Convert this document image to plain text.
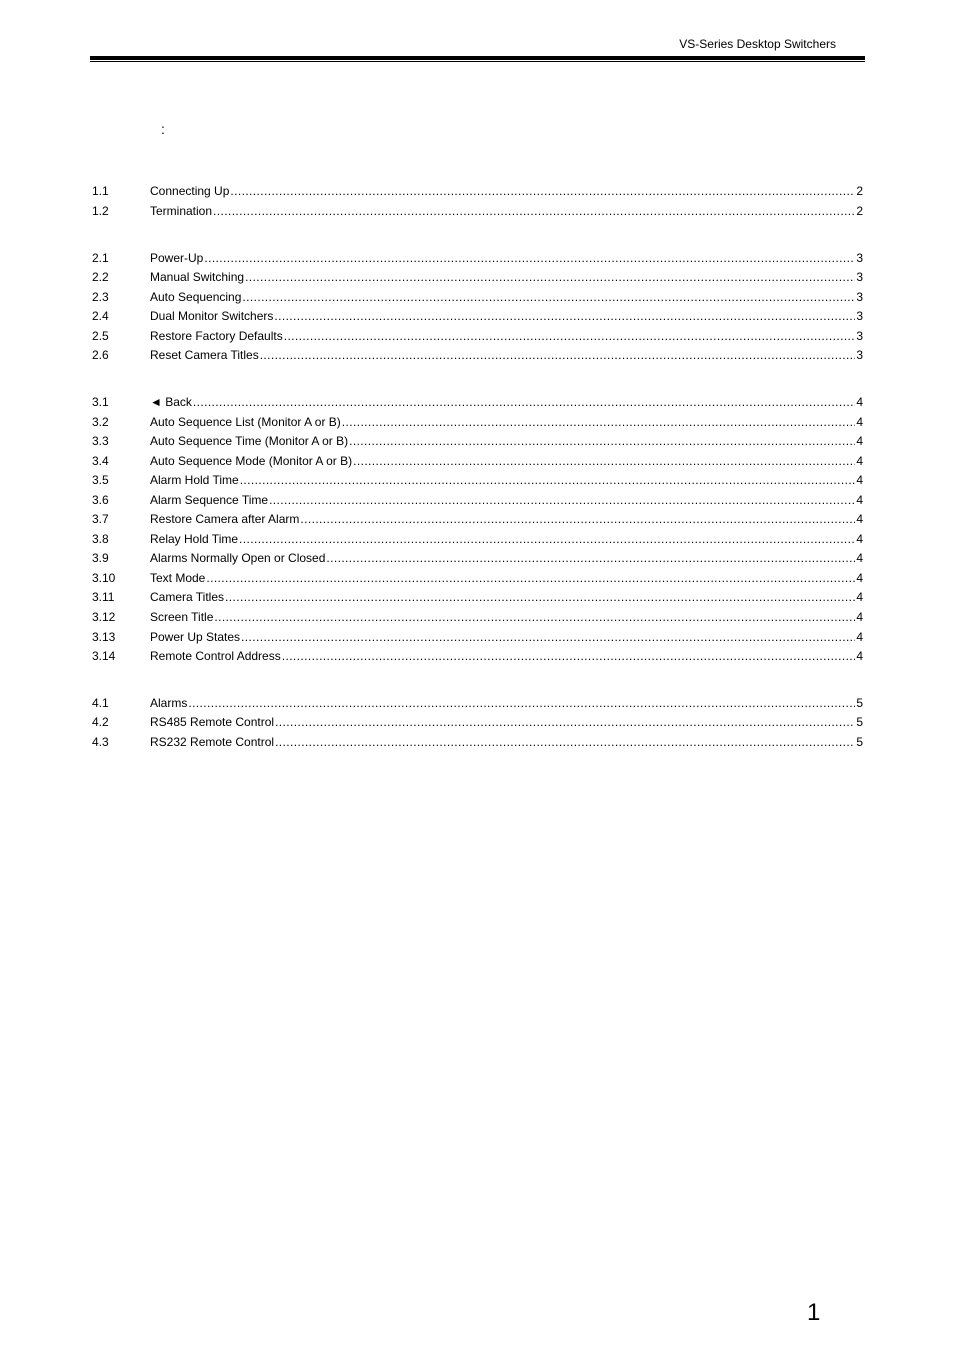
VS-Series Desktop Switchers
:
1.1	Connecting Up .....	2
1.2	Termination .....	2
2.1	Power-Up .....	3
2.2	Manual Switching .....	3
2.3	Auto Sequencing .....	3
2.4	Dual Monitor Switchers .....	3
2.5	Restore Factory Defaults .....	3
2.6	Reset Camera Titles .....	3
3.1	◄ Back .....	4
3.2	Auto Sequence List (Monitor A or B) .....	4
3.3	Auto Sequence Time (Monitor A or B) .....	4
3.4	Auto Sequence Mode (Monitor A or B) .....	4
3.5	Alarm Hold Time .....	4
3.6	Alarm Sequence Time .....	4
3.7	Restore Camera after Alarm .....	4
3.8	Relay Hold Time .....	4
3.9	Alarms Normally Open or Closed .....	4
3.10	Text Mode .....	4
3.11	Camera Titles .....	4
3.12	Screen Title .....	4
3.13	Power Up States .....	4
3.14	Remote Control Address .....	4
4.1	Alarms .....	5
4.2	RS485 Remote Control .....	5
4.3	RS232 Remote Control .....	5
1
